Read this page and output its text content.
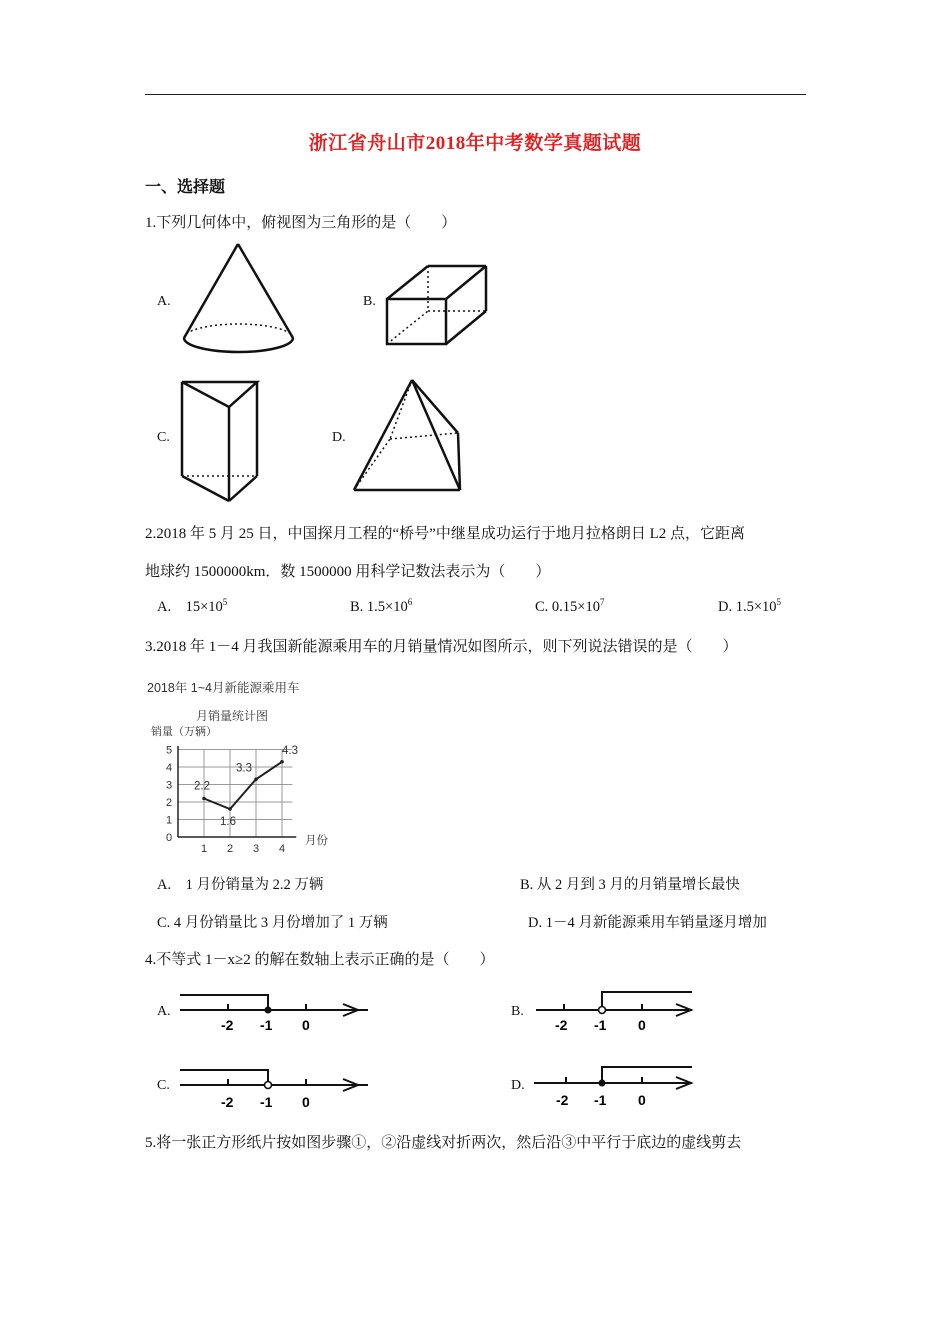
浙江省舟山市2018年中考数学真题试题
一、选择题
1.下列几何体中，俯视图为三角形的是（　　）
A.	B.
C.	D.
2.2018 年 5 月 25 日，中国探月工程的“桥号”中继星成功运行于地月拉格朗日 L2 点，它距离
地球约 1500000km．数 1500000 用科学记数法表示为（　　）
A. $15\times 10^5$	B. $1.5\times 10^6$	C. $0.15\times 10^7$	D. $1.5\times 10^5$
3.2018 年 1－4 月我国新能源乘用车的月销量情况如图所示，则下列说法错误的是（　　）
2018年 1~4月新能源乘用车
月销量统计图
销量（万辆）
月份
0
1
2
3
4
5
1 2 3 4
2.2
1.6
3.3
4.3
A.　1 月份销量为 2.2 万辆	B. 从 2 月到 3 月的月销量增长最快
C. 4 月份销量比 3 月份增加了 1 万辆	D. 1－4 月新能源乘用车销量逐月增加
4.不等式 1－x≥2 的解在数轴上表示正确的是（　　）
A.
-2 -1 0
B.
-2 -1 0
C.
-2 -1 0
D.
-2 -1 0
5.将一张正方形纸片按如图步骤①，②沿虚线对折两次，然后沿③中平行于底边的虚线剪去
